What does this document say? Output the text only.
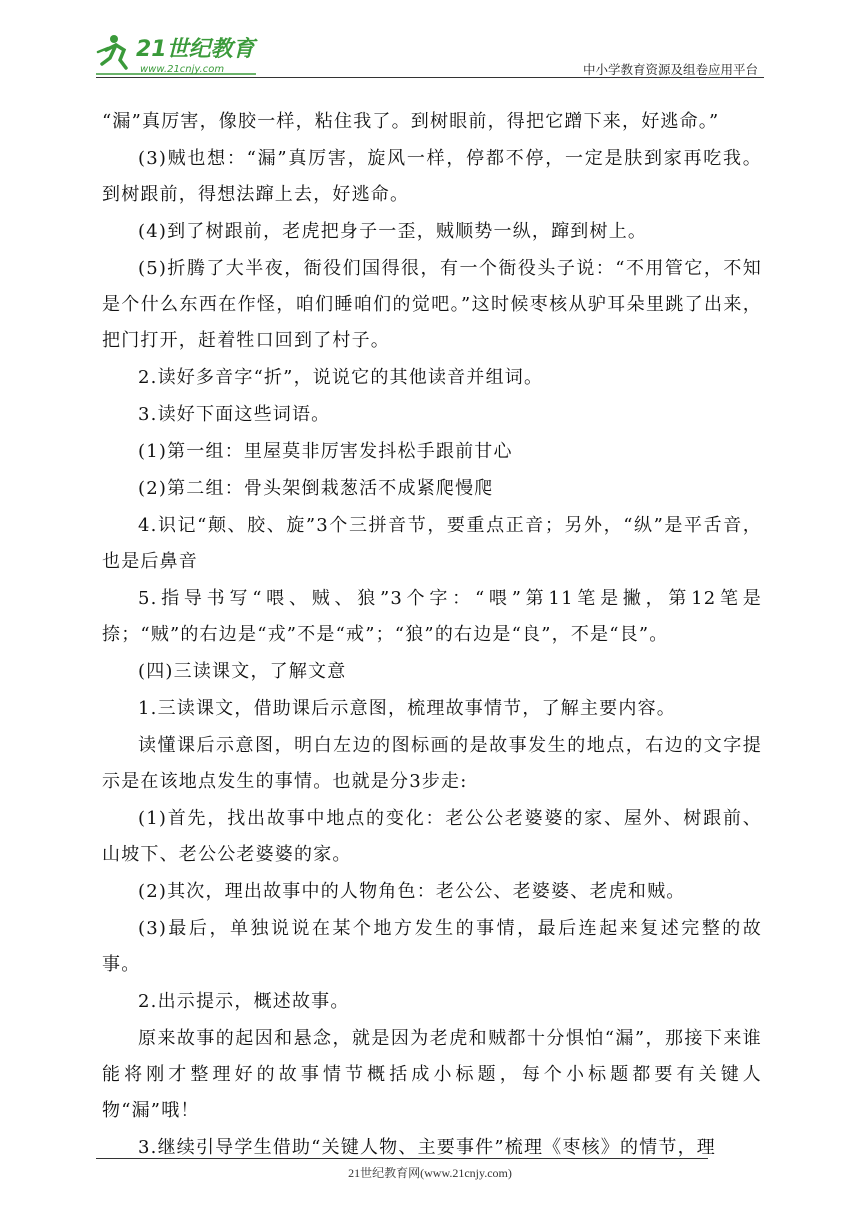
21世纪教育
www.21cnjy.com	中小学教育资源及组卷应用平台

“漏”真厉害，像胶一样，粘住我了。到树眼前，得把它蹭下来，好逃命。”

(3)贼也想：“漏”真厉害，旋风一样，停都不停，一定是肤到家再吃我。到树跟前，得想法蹿上去，好逃命。

(4)到了树跟前，老虎把身子一歪，贼顺势一纵，蹿到树上。

(5)折腾了大半夜，衙役们国得很，有一个衙役头子说：“不用管它，不知是个什么东西在作怪，咱们睡咱们的觉吧。”这时候枣核从驴耳朵里跳了出来，把门打开，赶着牲口回到了村子。

2.读好多音字“折”，说说它的其他读音并组词。

3.读好下面这些词语。

(1)第一组：里屋莫非厉害发抖松手跟前甘心

(2)第二组：骨头架倒栽葱活不成紧爬慢爬

4.识记“颠、胶、旋”3个三拼音节，要重点正音；另外，“纵”是平舌音，也是后鼻音

5.指导书写“喂、贼、狼”3个字：“喂”第11笔是撇，第12笔是捺；“贼”的右边是“戎”不是“戒”；“狼”的右边是“良”，不是“艮”。

(四)三读课文，了解文意

1.三读课文，借助课后示意图，梳理故事情节，了解主要内容。

读懂课后示意图，明白左边的图标画的是故事发生的地点，右边的文字提示是在该地点发生的事情。也就是分3步走:

(1)首先，找出故事中地点的变化：老公公老婆婆的家、屋外、树跟前、山坡下、老公公老婆婆的家。

(2)其次，理出故事中的人物角色：老公公、老婆婆、老虎和贼。

(3)最后，单独说说在某个地方发生的事情，最后连起来复述完整的故事。

2.出示提示，概述故事。

原来故事的起因和悬念，就是因为老虎和贼都十分惧怕“漏”，那接下来谁能将刚才整理好的故事情节概括成小标题，每个小标题都要有关键人物“漏”哦！

3.继续引导学生借助“关键人物、主要事件”梳理《枣核》的情节，理

21世纪教育网(www.21cnjy.com)
